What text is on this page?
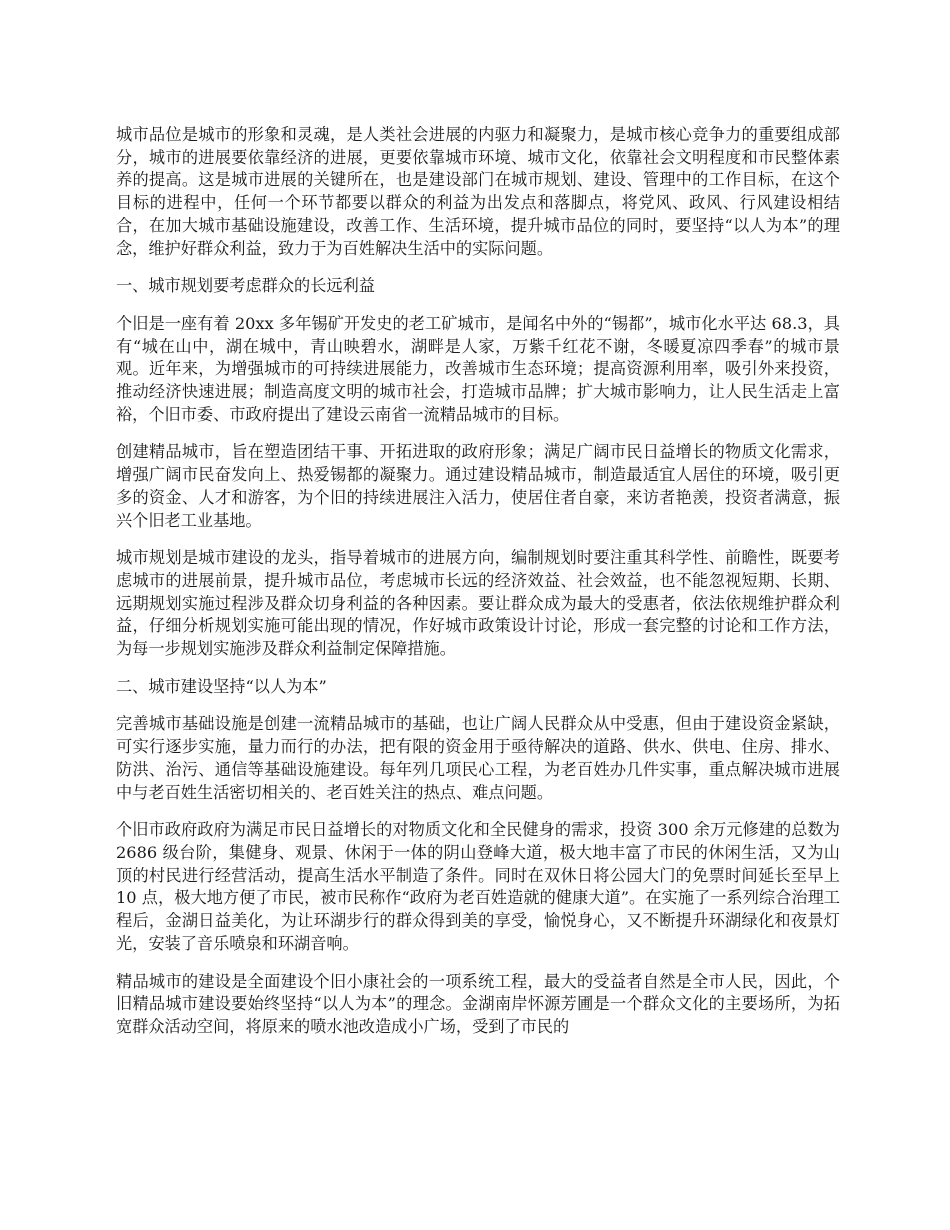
城市品位是城市的形象和灵魂，是人类社会进展的内驱力和凝聚力，是城市核心竞争力的重要组成部分，城市的进展要依靠经济的进展，更要依靠城市环境、城市文化，依靠社会文明程度和市民整体素养的提高。这是城市进展的关键所在，也是建设部门在城市规划、建设、管理中的工作目标，在这个目标的进程中，任何一个环节都要以群众的利益为出发点和落脚点，将党风、政风、行风建设相结合，在加大城市基础设施建设，改善工作、生活环境，提升城市品位的同时，要坚持“以人为本”的理念，维护好群众利益，致力于为百姓解决生活中的实际问题。

一、城市规划要考虑群众的长远利益

个旧是一座有着 20xx 多年锡矿开发史的老工矿城市，是闻名中外的“锡都”，城市化水平达 68.3，具有“城在山中，湖在城中，青山映碧水，湖畔是人家，万紫千红花不谢，冬暖夏凉四季春”的城市景观。近年来，为增强城市的可持续进展能力，改善城市生态环境；提高资源利用率，吸引外来投资，推动经济快速进展；制造高度文明的城市社会，打造城市品牌；扩大城市影响力，让人民生活走上富裕，个旧市委、市政府提出了建设云南省一流精品城市的目标。

创建精品城市，旨在塑造团结干事、开拓进取的政府形象；满足广阔市民日益增长的物质文化需求，增强广阔市民奋发向上、热爱锡都的凝聚力。通过建设精品城市，制造最适宜人居住的环境，吸引更多的资金、人才和游客，为个旧的持续进展注入活力，使居住者自豪，来访者艳羡，投资者满意，振兴个旧老工业基地。

城市规划是城市建设的龙头，指导着城市的进展方向，编制规划时要注重其科学性、前瞻性，既要考虑城市的进展前景，提升城市品位，考虑城市长远的经济效益、社会效益，也不能忽视短期、长期、远期规划实施过程涉及群众切身利益的各种因素。要让群众成为最大的受惠者，依法依规维护群众利益，仔细分析规划实施可能出现的情况，作好城市政策设计讨论，形成一套完整的讨论和工作方法，为每一步规划实施涉及群众利益制定保障措施。

二、城市建设坚持“以人为本”

完善城市基础设施是创建一流精品城市的基础，也让广阔人民群众从中受惠，但由于建设资金紧缺，可实行逐步实施，量力而行的办法，把有限的资金用于亟待解决的道路、供水、供电、住房、排水、防洪、治污、通信等基础设施建设。每年列几项民心工程，为老百姓办几件实事，重点解决城市进展中与老百姓生活密切相关的、老百姓关注的热点、难点问题。

个旧市政府政府为满足市民日益增长的对物质文化和全民健身的需求，投资 300 余万元修建的总数为 2686 级台阶，集健身、观景、休闲于一体的阴山登峰大道，极大地丰富了市民的休闲生活，又为山顶的村民进行经营活动，提高生活水平制造了条件。同时在双休日将公园大门的免票时间延长至早上 10 点，极大地方便了市民，被市民称作“政府为老百姓造就的健康大道”。在实施了一系列综合治理工程后，金湖日益美化，为让环湖步行的群众得到美的享受，愉悦身心，又不断提升环湖绿化和夜景灯光，安装了音乐喷泉和环湖音响。

精品城市的建设是全面建设个旧小康社会的一项系统工程，最大的受益者自然是全市人民，因此，个旧精品城市建设要始终坚持“以人为本”的理念。金湖南岸怀源芳圃是一个群众文化的主要场所，为拓宽群众活动空间，将原来的喷水池改造成小广场，受到了市民的
